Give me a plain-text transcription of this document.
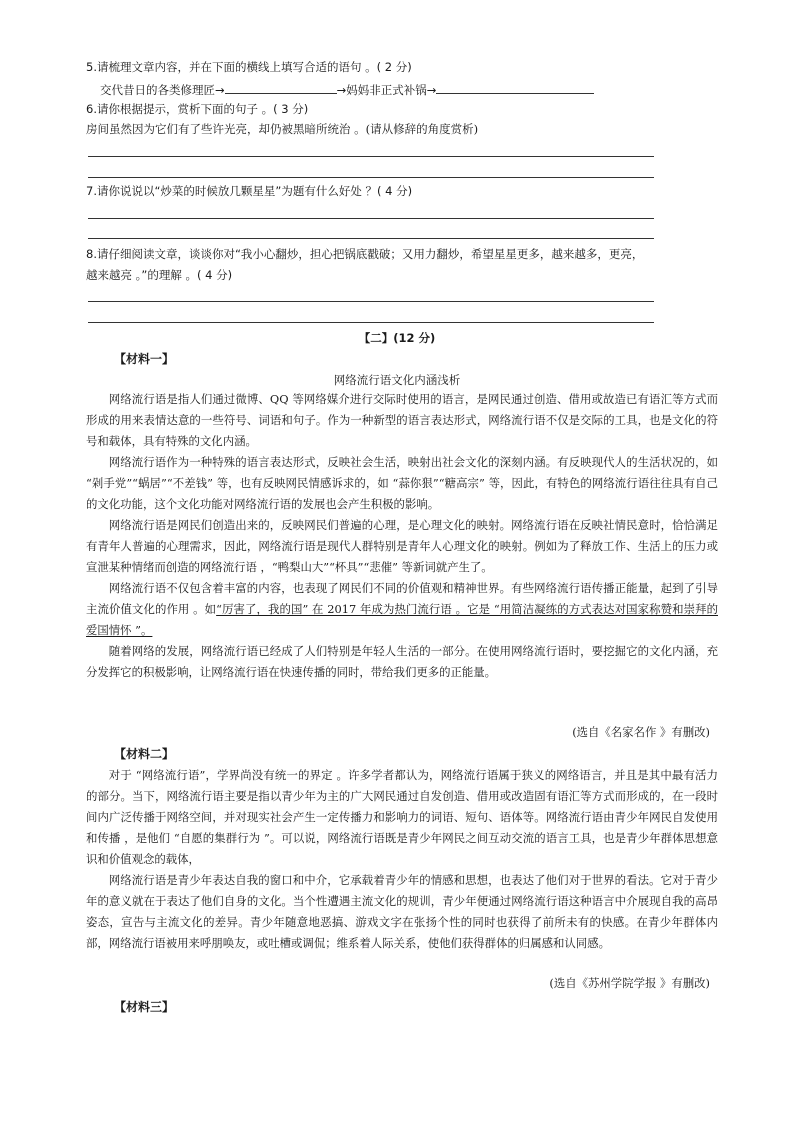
5.请梳理文章内容，并在下面的横线上填写合适的语句 。( 2 分)
交代昔日的各类修理匠→	→妈妈非正式补锅→
6.请你根据提示，赏析下面的句子 。( 3 分)
房间虽然因为它们有了些许光亮，却仍被黑暗所统治 。(请从修辞的角度赏析)
7.请你说说以“炒菜的时候放几颗星星”为题有什么好处 ？( 4 分)
8.请仔细阅读文章，谈谈你对“我小心翻炒，担心把锅底戳破；又用力翻炒，希望星星更多，越来越多，更亮，
越来越亮 。”的理解 。( 4 分)
【二】(12 分)
【材料一】
网络流行语文化内涵浅析

网络流行语是指人们通过微博、QQ 等网络媒介进行交际时使用的语言，是网民通过创造、借用或故造已有语汇等方式而形成的用来表情达意的一些符号、词语和句子。作为一种新型的语言表达形式，网络流行语不仅是交际的工具，也是文化的符号和载体，具有特殊的文化内涵。

网络流行语作为一种特殊的语言表达形式，反映社会生活，映射出社会文化的深刻内涵。有反映现代人的生活状况的，如 “剁手党”“蜗居”“不差钱” 等，也有反映网民情感诉求的，如 “蒜你狠”“糖高宗” 等，因此，有特色的网络流行语往往具有自己的文化功能，这个文化功能对网络流行语的发展也会产生积极的影响。

网络流行语是网民们创造出来的，反映网民们普遍的心理，是心理文化的映射。网络流行语在反映社情民意时，恰恰满足有青年人普遍的心理需求，因此，网络流行语是现代人群特别是青年人心理文化的映射。例如为了释放工作、生活上的压力或宣泄某种情绪而创造的网络流行语 ，“鸭梨山大”“杯具”“悲催” 等新词就产生了。

网络流行语不仅包含着丰富的内容，也表现了网民们不同的价值观和精神世界。有些网络流行语传播正能量，起到了引导主流价值文化的作用 。如“厉害了，我的国” 在 2017 年成为热门流行语 。它是 “用简洁凝练的方式表达对国家称赞和崇拜的爱国情怀 ”。

随着网络的发展，网络流行语已经成了人们特别是年轻人生活的一部分。在使用网络流行语时，要挖掘它的文化内涵，充分发挥它的积极影响，让网络流行语在快速传播的同时，带给我们更多的正能量。

(选自《名家名作 》有删改)
【材料二】

对于 “网络流行语”，学界尚没有统一的界定 。许多学者都认为，网络流行语属于狭义的网络语言，并且是其中最有活力的部分。当下，网络流行语主要是指以青少年为主的广大网民通过自发创造、借用或改造固有语汇等方式而形成的，在一段时间内广泛传播于网络空间，并对现实社会产生一定传播力和影响力的词语、短句、语体等。网络流行语由青少年网民自发使用和传播 ，是他们 “自愿的集群行为 ”。可以说，网络流行语既是青少年网民之间互动交流的语言工具，也是青少年群体思想意识和价值观念的载体，

网络流行语是青少年表达自我的窗口和中介，它承载着青少年的情感和思想，也表达了他们对于世界的看法。它对于青少年的意义就在于表达了他们自身的文化。当个性遭遇主流文化的规训，青少年便通过网络流行语这种语言中介展现自我的高昂姿态，宣告与主流文化的差异。青少年随意地恶搞、游戏文字在张扬个性的同时也获得了前所未有的快感。在青少年群体内部，网络流行语被用来呼朋唤友，或吐槽或调侃；维系着人际关系，使他们获得群体的归属感和认同感。

(选自《苏州学院学报 》有删改)
【材料三】
